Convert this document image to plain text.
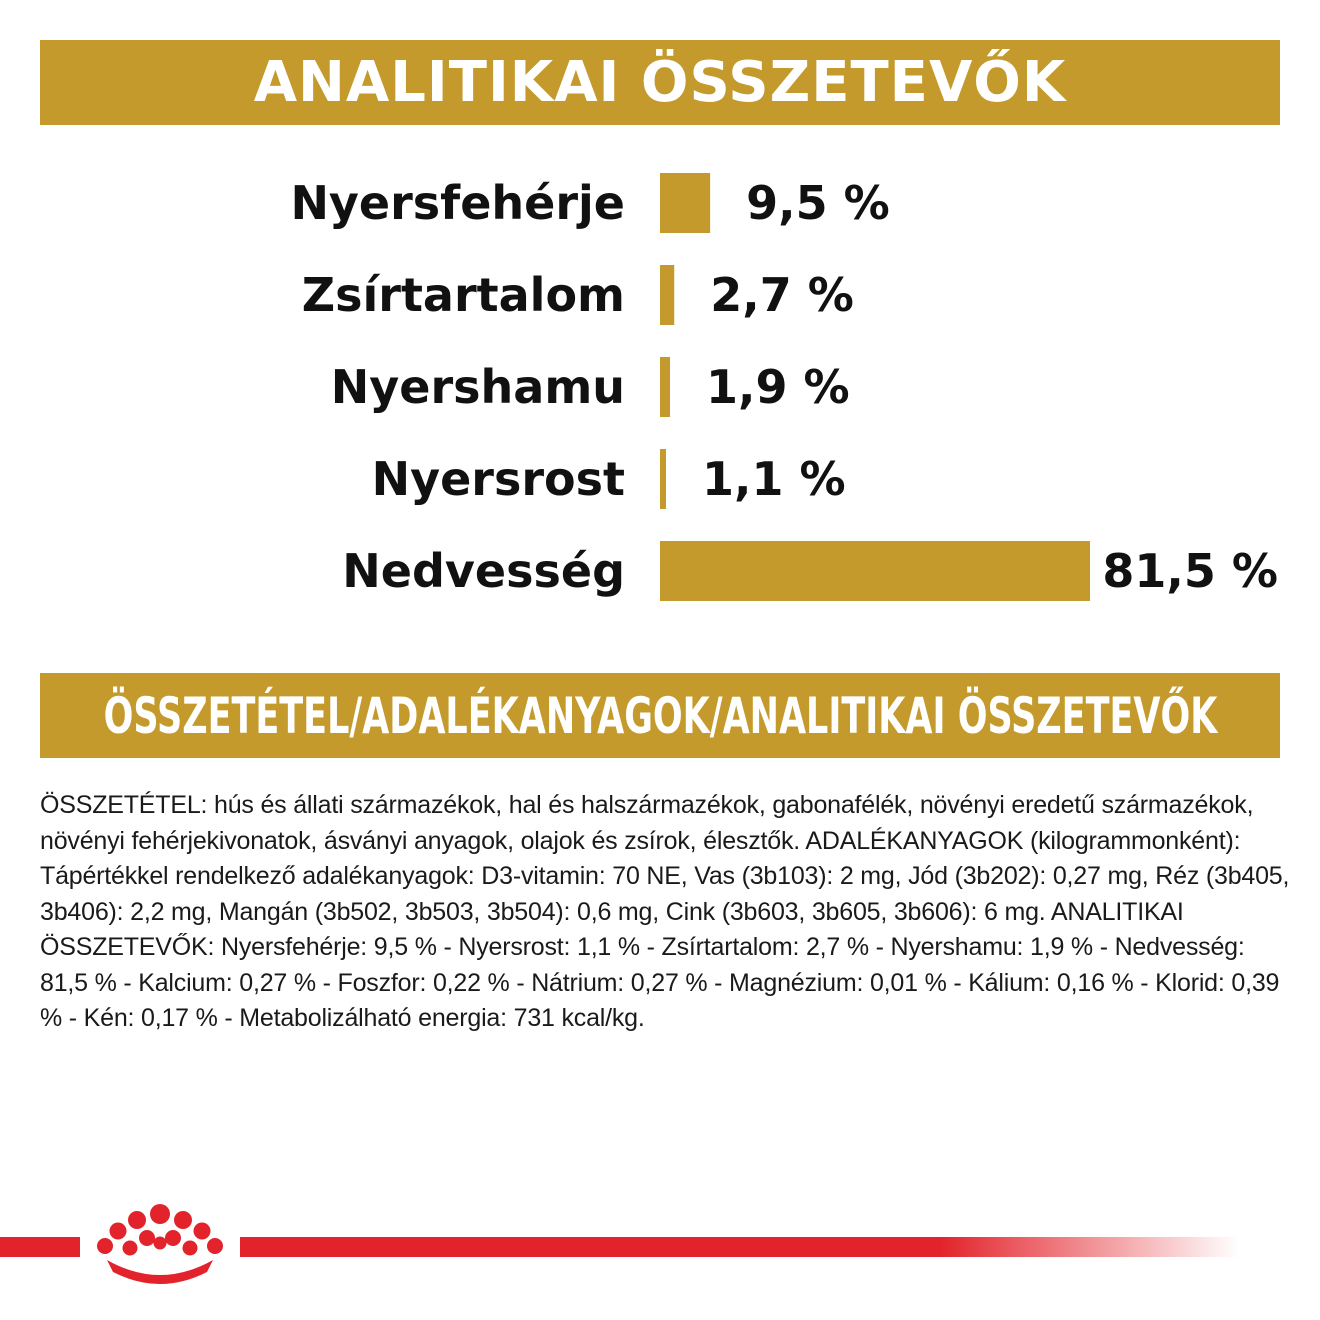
ANALITIKAI ÖSSZETEVŐK
Nyersfehérje	9,5 %
Zsírtartalom 2,7 %
Nyershamu 1,9 %
Nyersrost 1,1 %
Nedvesség	81,5 %
ÖSSZETÉTEL/ADALÉKANYAGOK/ANALITIKAI ÖSSZETEVŐK
ÖSSZETÉTEL: hús és állati származékok, hal és halszármazékok, gabonafélék, növényi eredetű származékok, növényi fehérjekivonatok, ásványi anyagok, olajok és zsírok, élesztők. ADALÉKANYAGOK (kilogrammonként): Tápértékkel rendelkező adalékanyagok: D3-vitamin: 70 NE, Vas (3b103): 2 mg, Jód (3b202): 0,27 mg, Réz (3b405, 3b406): 2,2 mg, Mangán (3b502, 3b503, 3b504): 0,6 mg, Cink (3b603, 3b605, 3b606): 6 mg. ANALITIKAI ÖSSZETEVŐK: Nyersfehérje: 9,5 % - Nyersrost: 1,1 % - Zsírtartalom: 2,7 % - Nyershamu: 1,9 % - Nedvesség: 81,5 % - Kalcium: 0,27 % - Foszfor: 0,22 % - Nátrium: 0,27 % - Magnézium: 0,01 % - Kálium: 0,16 % - Klorid: 0,39 % - Kén: 0,17 % - Metabolizálható energia: 731 kcal/kg.
